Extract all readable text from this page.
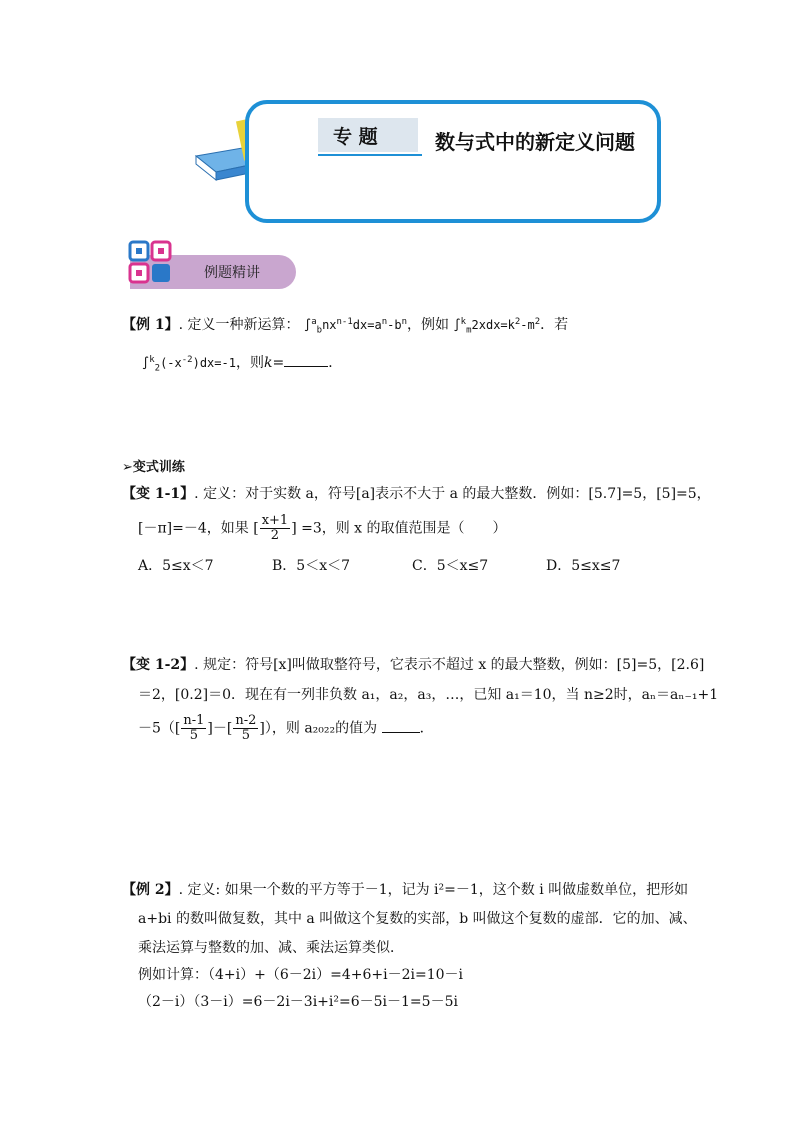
专 题	数与式中的新定义问题
例题精讲
【例 1】. 定义一种新运算： $\int^a_bnx^{n-1}dx=a^n-b^n$，例如 $\int^k_m2xdx=k^2-m^2$．若
$\int^k_2(-x^{-2})dx=-1$，则k=	．
➢变式训练
【变 1-1】. 定义：对于实数 a，符号[a]表示不大于 a 的最大整数．例如：[5.7]=5，[5]=5，
[－π]=－4，如果 [ $\frac{x+1}{2}$ ] =3，则 x 的取值范围是（　　）
A．5≤x＜7	B．5＜x＜7	C．5＜x≤7	D．5≤x≤7
【变 1-2】. 规定：符号[x]叫做取整符号，它表示不超过 x 的最大整数，例如：[5]=5，[2.6]
＝2，[0.2]＝0．现在有一列非负数 a₁，a₂，a₃，…，已知 a₁＝10，当 n≥2时，aₙ＝aₙ₋₁+1
$-5([ \frac{n-1}{5}$ ]－[ $\frac{n-2}{5}$ ]），则 a₂₀₂₂的值为	．
【例 2】. 定义: 如果一个数的平方等于－1，记为 i²=－1，这个数 i 叫做虚数单位，把形如
a+bi 的数叫做复数，其中 a 叫做这个复数的实部，b 叫做这个复数的虚部．它的加、减、
乘法运算与整数的加、减、乘法运算类似．
例如计算：（4+i）+（6－2i）=4+6+i－2i=10－i
（2－i）（3－i）=6－2i－3i+i²=6－5i－1=5－5i
